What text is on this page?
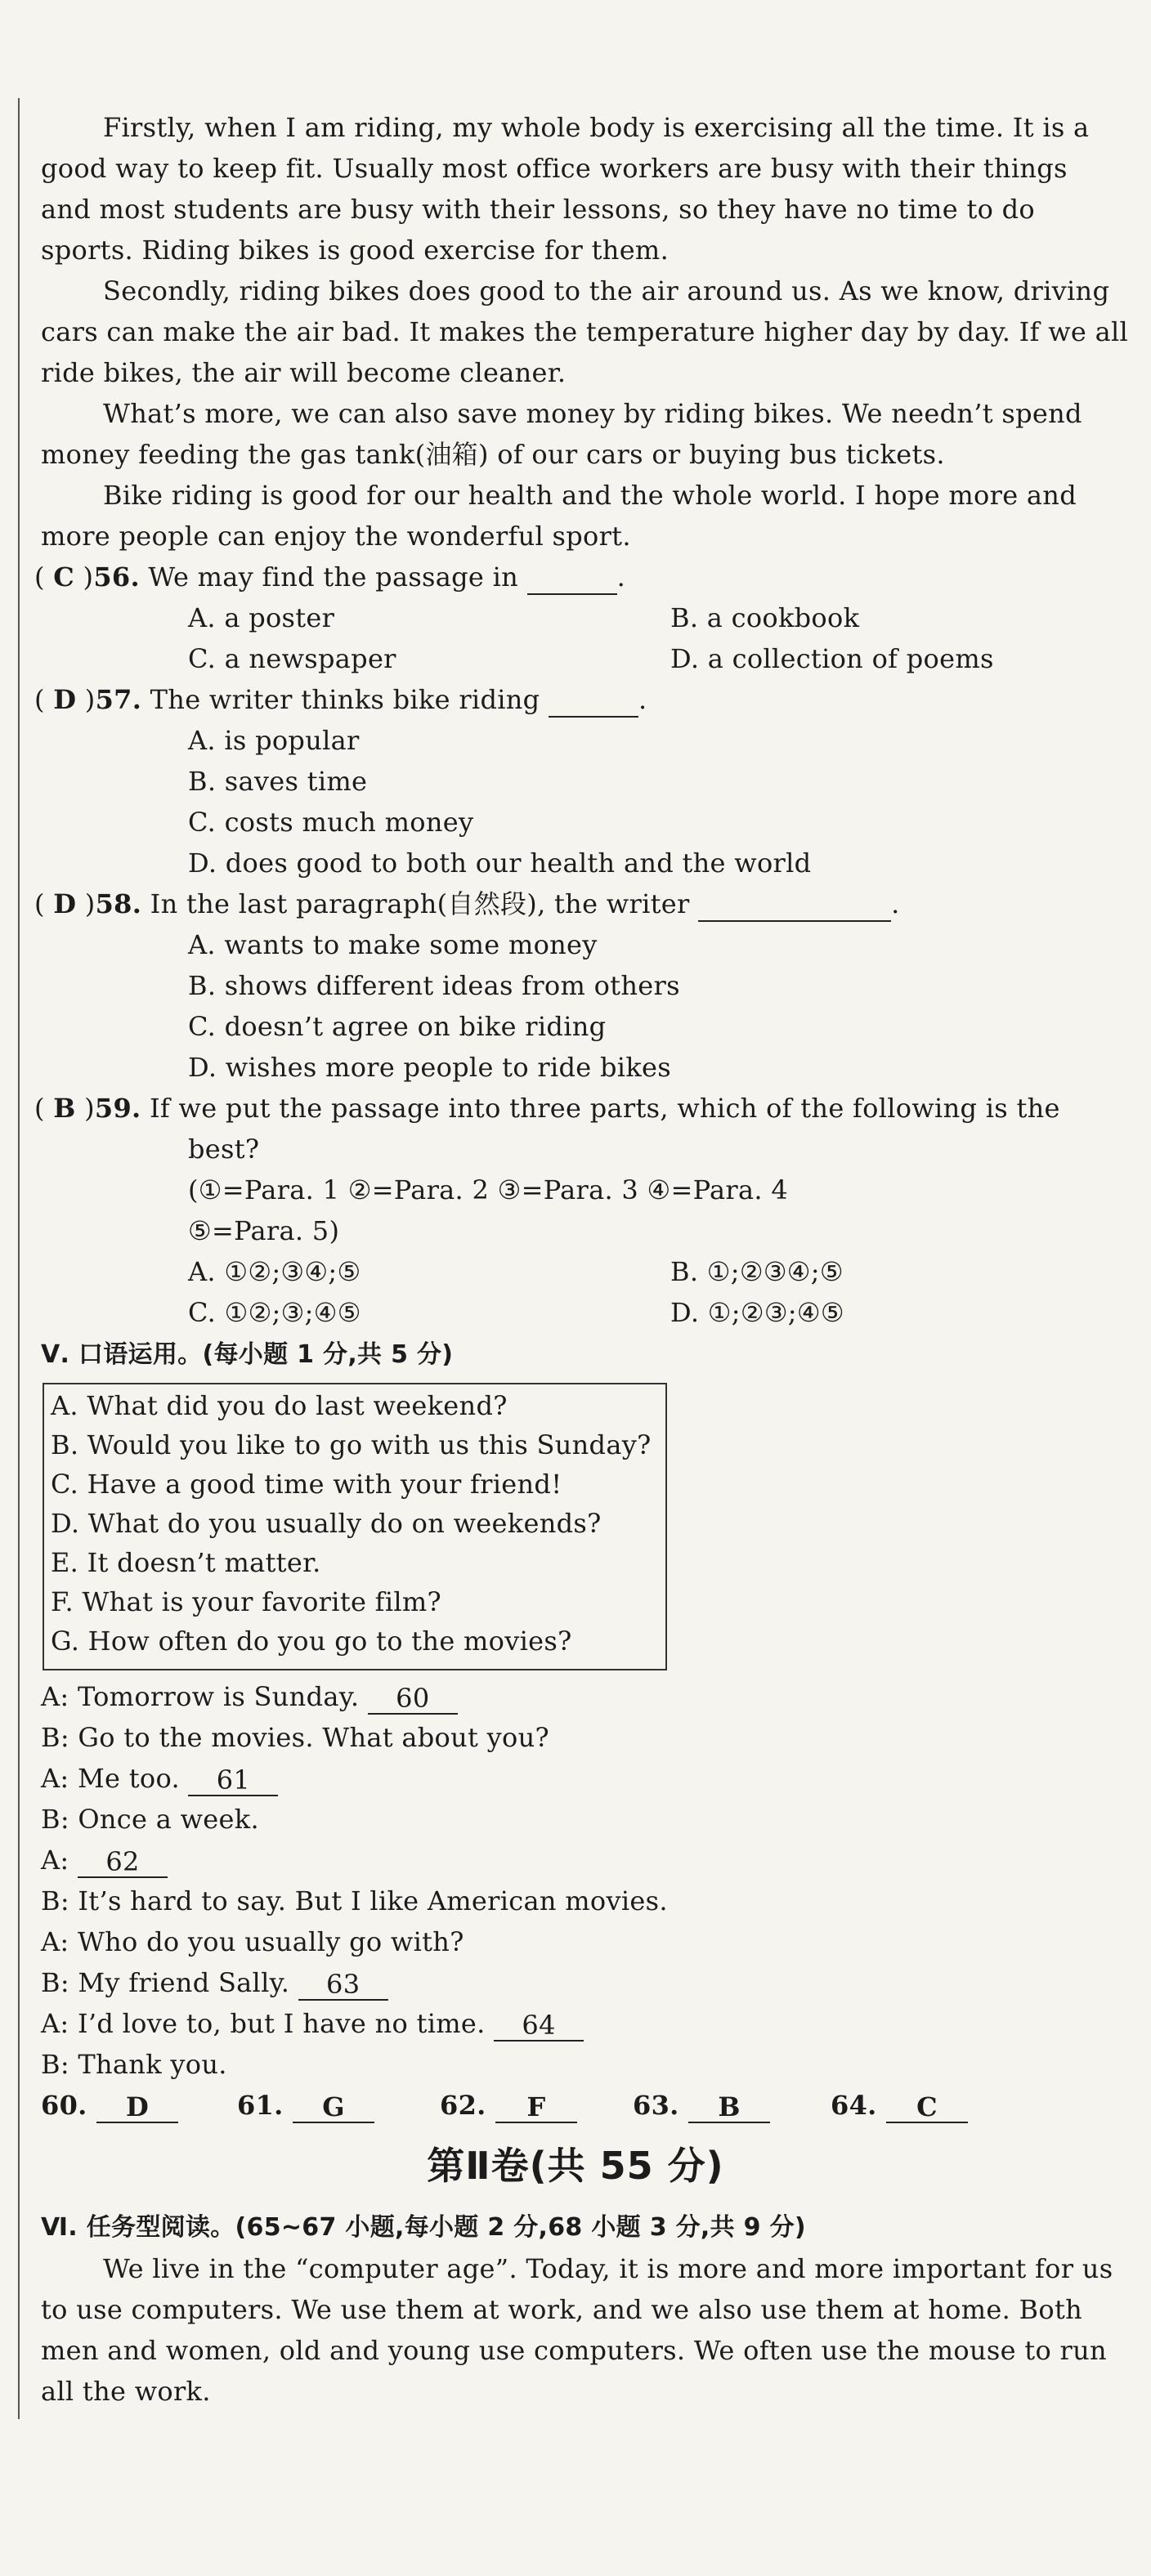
Firstly, when I am riding, my whole body is exercising all the time. It is a
good way to keep fit. Usually most office workers are busy with their things
and most students are busy with their lessons, so they have no time to do
sports. Riding bikes is good exercise for them.
Secondly, riding bikes does good to the air around us. As we know, driving
cars can make the air bad. It makes the temperature higher day by day. If we all
ride bikes, the air will become cleaner.
What’s more, we can also save money by riding bikes. We needn’t spend
money feeding the gas tank(油箱) of our cars or buying bus tickets.
Bike riding is good for our health and the whole world. I hope more and
more people can enjoy the wonderful sport.
( C )56. We may find the passage in	.
A. a poster	B. a cookbook
C. a newspaper	D. a collection of poems
( D )57. The writer thinks bike riding	.
A. is popular
B. saves time
C. costs much money
D. does good to both our health and the world
( D )58. In the last paragraph(自然段), the writer	.
A. wants to make some money
B. shows different ideas from others
C. doesn’t agree on bike riding
D. wishes more people to ride bikes
( B )59. If we put the passage into three parts, which of the following is the
best?
(①=Para. 1 ②=Para. 2 ③=Para. 3 ④=Para. 4
⑤=Para. 5)
A. ①②;③④;⑤	B. ①;②③④;⑤
C. ①②;③;④⑤	D. ①;②③;④⑤
Ⅴ. 口语运用。(每小题 1 分,共 5 分)
A. What did you do last weekend?
B. Would you like to go with us this Sunday?
C. Have a good time with your friend!
D. What do you usually do on weekends?
E. It doesn’t matter.
F. What is your favorite film?
G. How often do you go to the movies?
A: Tomorrow is Sunday. 60
B: Go to the movies. What about you?
A: Me too. 61
B: Once a week.
A: 62
B: It’s hard to say. But I like American movies.
A: Who do you usually go with?
B: My friend Sally. 63
A: I’d love to, but I have no time. 64
B: Thank you.
60. D	61. G	62. F	63. B	64. C
第Ⅱ卷(共 55 分)
Ⅵ. 任务型阅读。(65~67 小题,每小题 2 分,68 小题 3 分,共 9 分)
We live in the “computer age”. Today, it is more and more important for us
to use computers. We use them at work, and we also use them at home. Both
men and women, old and young use computers. We often use the mouse to run
all the work.
